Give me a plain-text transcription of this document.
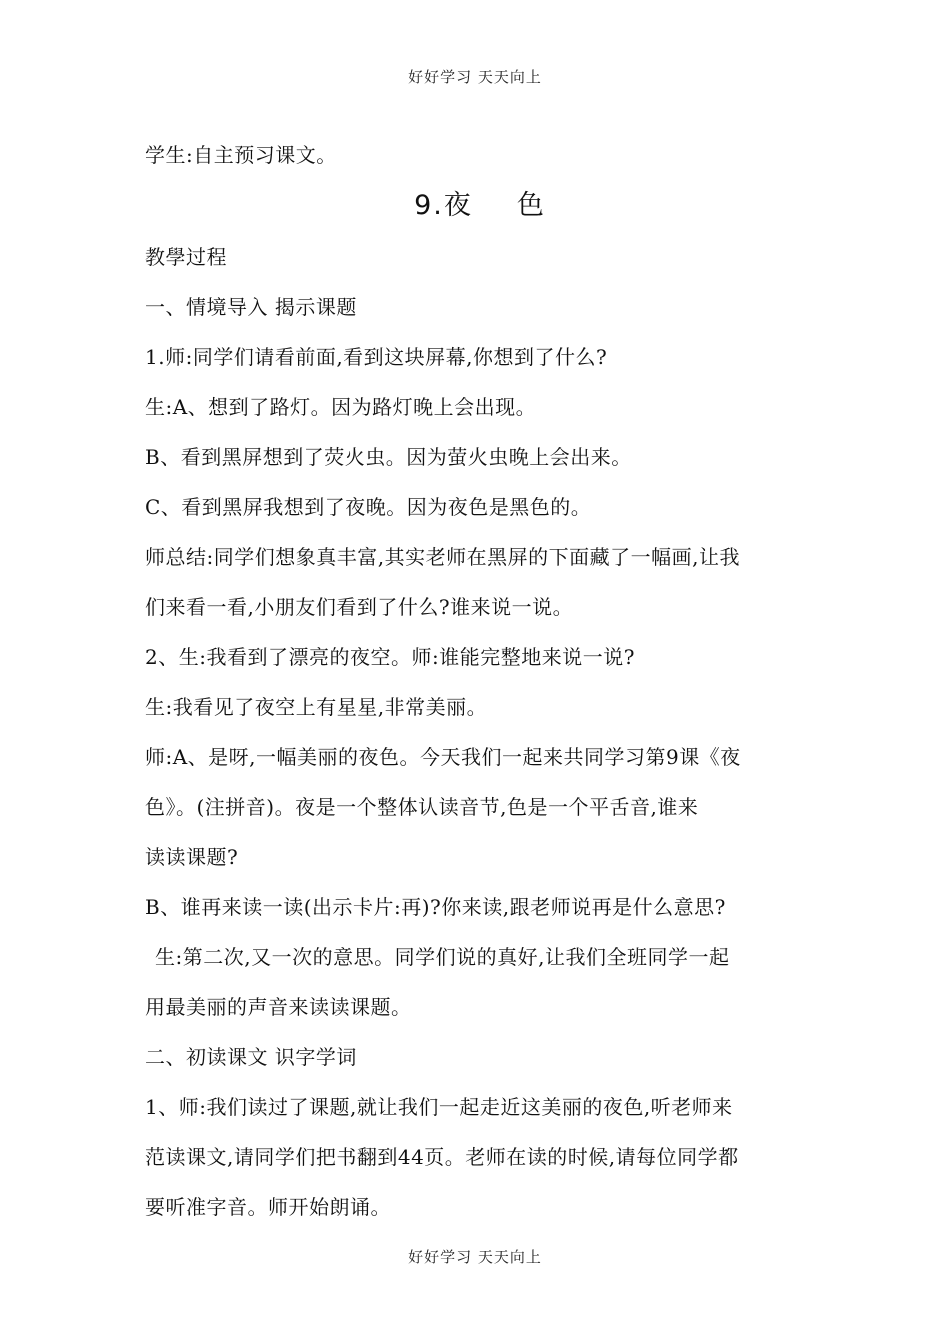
好好学习 天天向上
学生:自主预习课文。
9.夜 色
教學过程
一、情境导入 揭示课题
1.师:同学们请看前面,看到这块屏幕,你想到了什么?
生:A、想到了路灯。因为路灯晚上会出现。
B、看到黑屏想到了荧火虫。因为萤火虫晚上会出来。
C、看到黑屏我想到了夜晚。因为夜色是黑色的。
师总结:同学们想象真丰富,其实老师在黑屏的下面藏了一幅画,让我
们来看一看,小朋友们看到了什么?谁来说一说。
2、生:我看到了漂亮的夜空。师:谁能完整地来说一说?
生:我看见了夜空上有星星,非常美丽。
师:A、是呀,一幅美丽的夜色。今天我们一起来共同学习第9课《夜
色》。(注拼音)。夜是一个整体认读音节,色是一个平舌音,谁来
读读课题?
B、谁再来读一读(出示卡片:再)?你来读,跟老师说再是什么意思?
生:第二次,又一次的意思。同学们说的真好,让我们全班同学一起
用最美丽的声音来读读课题。
二、初读课文 识字学词
1、师:我们读过了课题,就让我们一起走近这美丽的夜色,听老师来
范读课文,请同学们把书翻到44页。老师在读的时候,请每位同学都
要听准字音。师开始朗诵。
好好学习 天天向上
